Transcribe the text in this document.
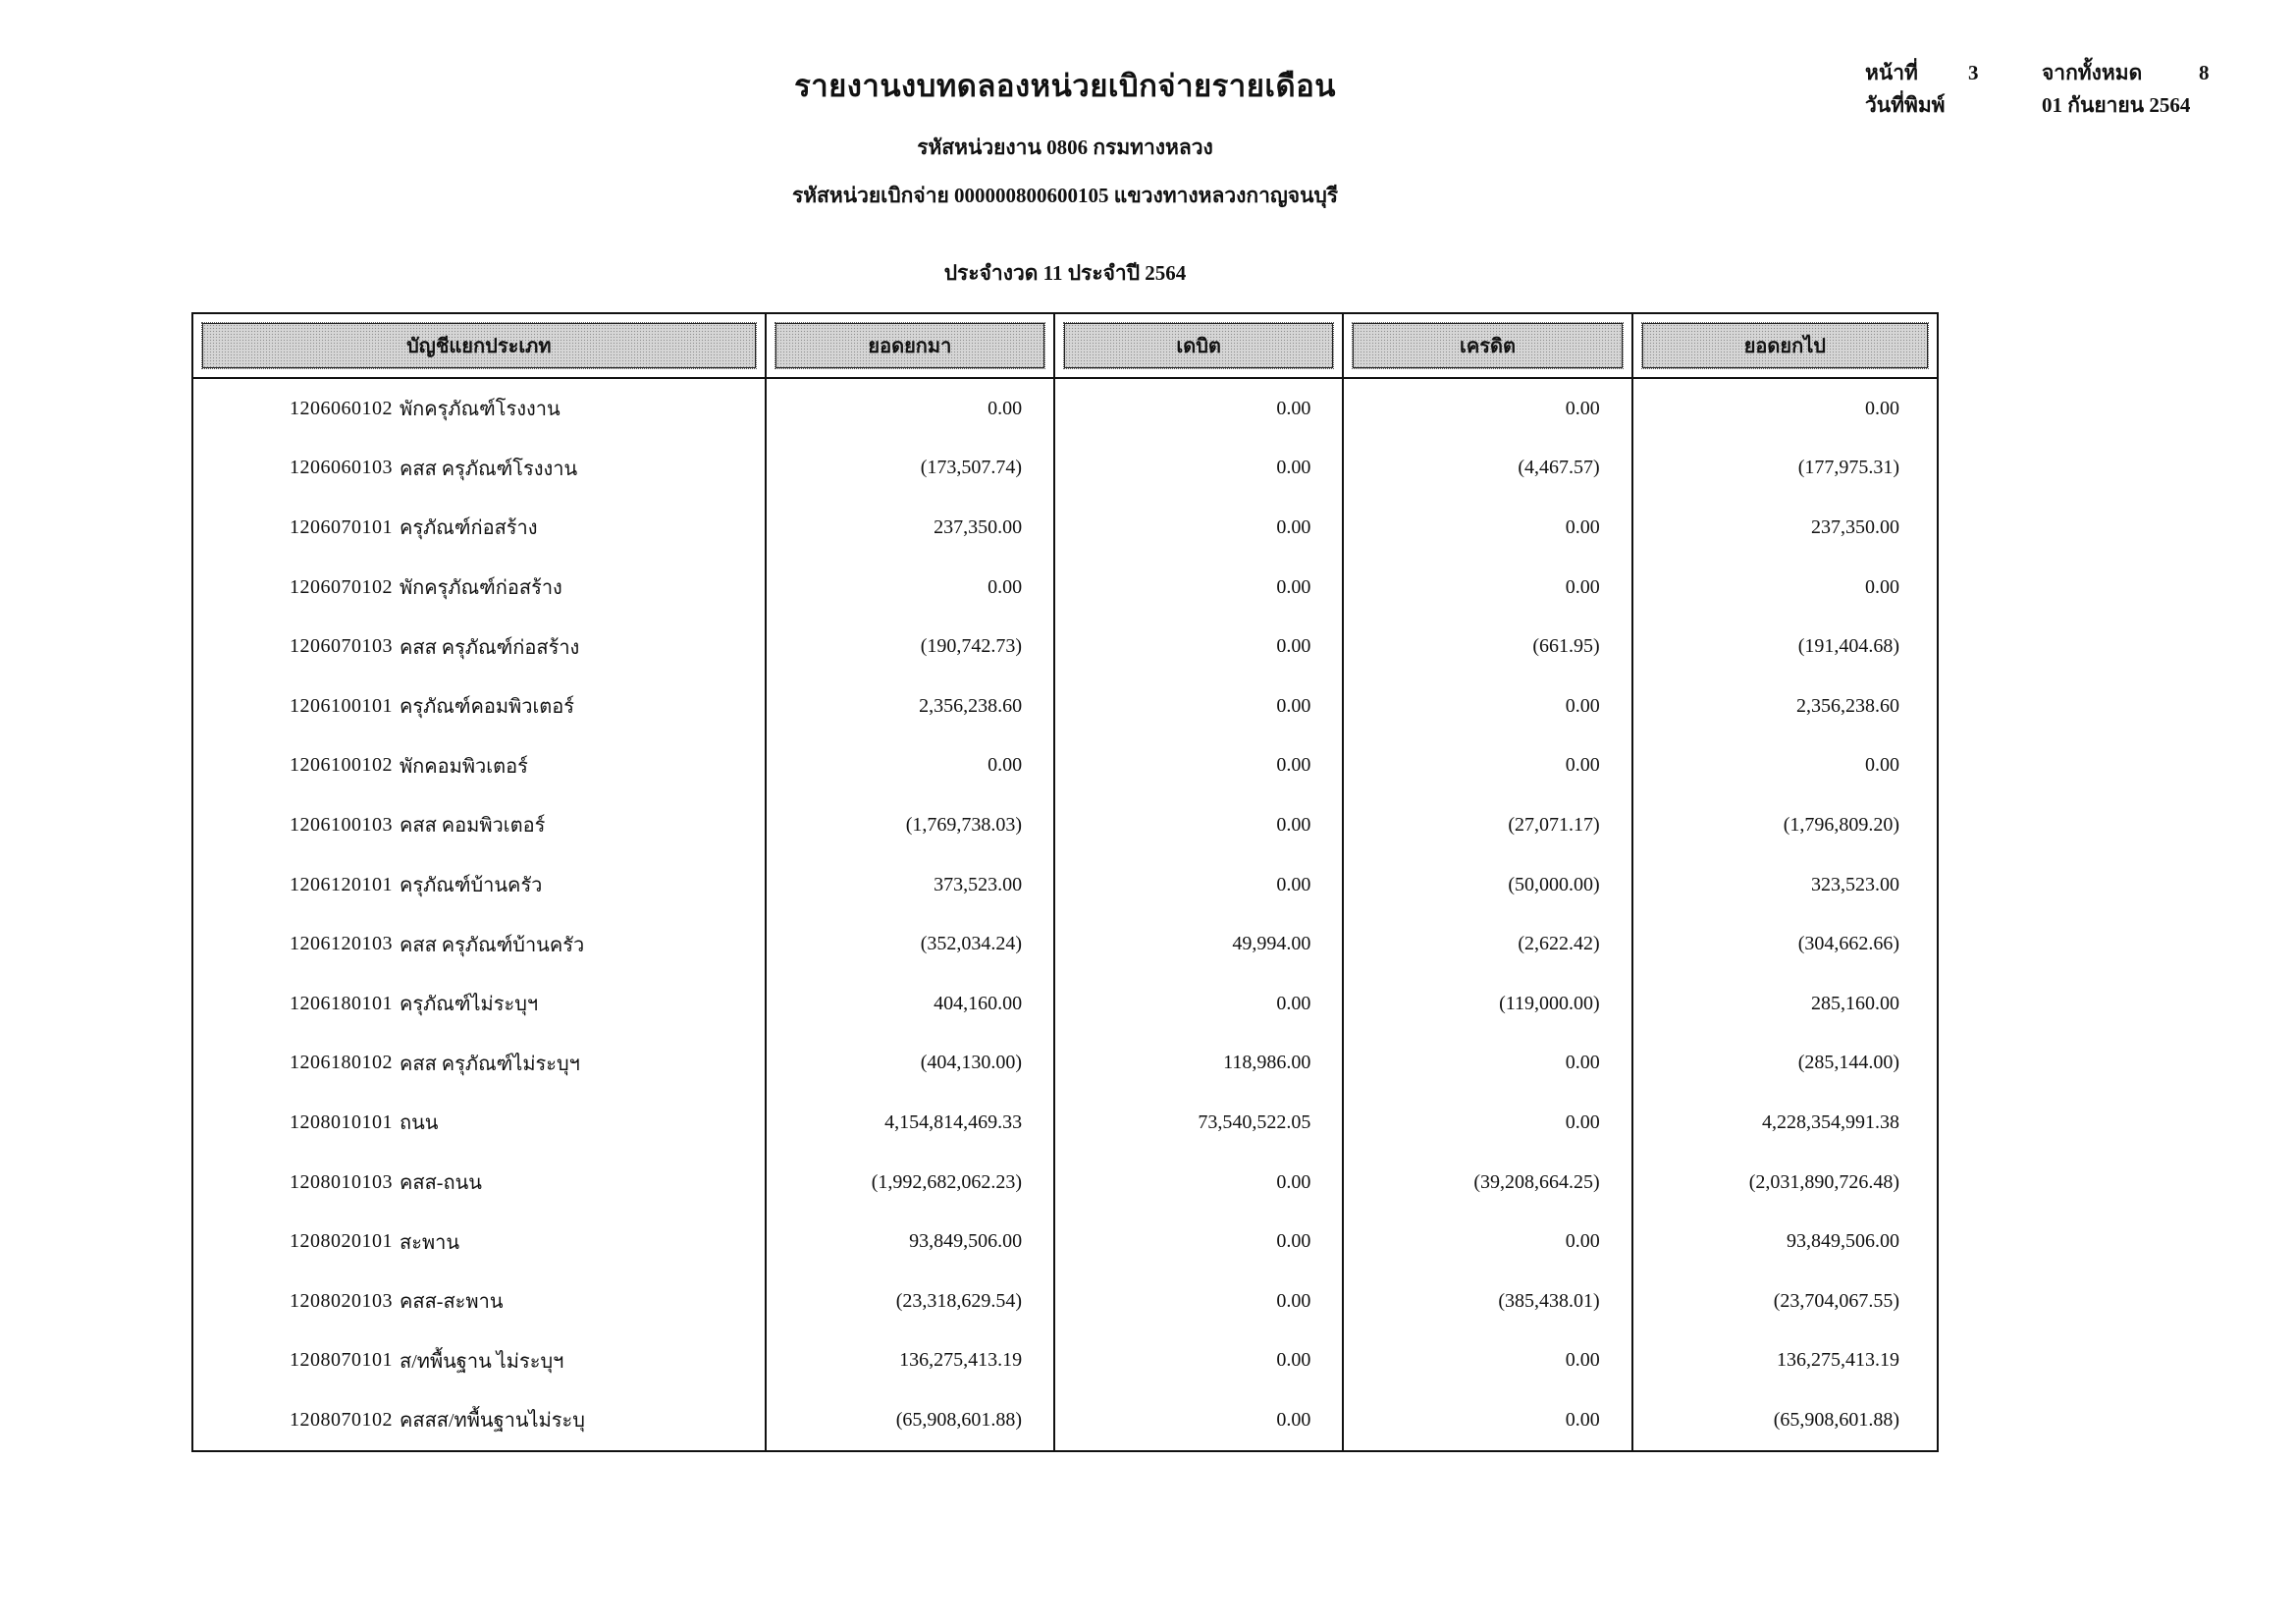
รายงานงบทดลองหน่วยเบิกจ่ายรายเดือน
รหัสหน่วยงาน 0806 กรมทางหลวง
รหัสหน่วยเบิกจ่าย 000000800600105 แขวงทางหลวงกาญจนบุรี
ประจำงวด 11 ประจำปี 2564
หน้าที่	3	จากทั้งหมด	8
วันที่พิมพ์	01 กันยายน 2564
บัญชีแยกประเภท	ยอดยกมา	เดบิต	เครดิต	ยอดยกไป
1206060102 พักครุภัณฑ์โรงงาน	0.00	0.00	0.00	0.00
1206060103 คสส ครุภัณฑ์โรงงาน	(173,507.74)	0.00	(4,467.57)	(177,975.31)
1206070101 ครุภัณฑ์ก่อสร้าง	237,350.00	0.00	0.00	237,350.00
1206070102 พักครุภัณฑ์ก่อสร้าง	0.00	0.00	0.00	0.00
1206070103 คสส ครุภัณฑ์ก่อสร้าง	(190,742.73)	0.00	(661.95)	(191,404.68)
1206100101 ครุภัณฑ์คอมพิวเตอร์	2,356,238.60	0.00	0.00	2,356,238.60
1206100102 พักคอมพิวเตอร์	0.00	0.00	0.00	0.00
1206100103 คสส คอมพิวเตอร์	(1,769,738.03)	0.00	(27,071.17)	(1,796,809.20)
1206120101 ครุภัณฑ์บ้านครัว	373,523.00	0.00	(50,000.00)	323,523.00
1206120103 คสส ครุภัณฑ์บ้านครัว	(352,034.24)	49,994.00	(2,622.42)	(304,662.66)
1206180101 ครุภัณฑ์ไม่ระบุฯ	404,160.00	0.00	(119,000.00)	285,160.00
1206180102 คสส ครุภัณฑ์ไม่ระบุฯ	(404,130.00)	118,986.00	0.00	(285,144.00)
1208010101 ถนน	4,154,814,469.33	73,540,522.05	0.00	4,228,354,991.38
1208010103 คสส-ถนน	(1,992,682,062.23)	0.00	(39,208,664.25)	(2,031,890,726.48)
1208020101 สะพาน	93,849,506.00	0.00	0.00	93,849,506.00
1208020103 คสส-สะพาน	(23,318,629.54)	0.00	(385,438.01)	(23,704,067.55)
1208070101 ส/ทพื้นฐาน ไม่ระบุฯ	136,275,413.19	0.00	0.00	136,275,413.19
1208070102 คสสส/ทพื้นฐานไม่ระบุ	(65,908,601.88)	0.00	0.00	(65,908,601.88)
